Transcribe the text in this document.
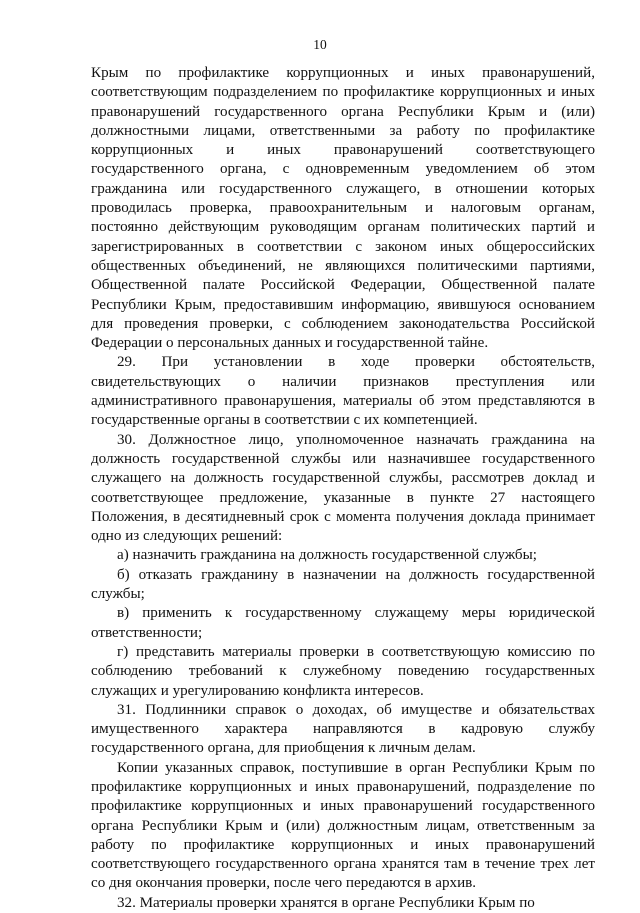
10

Крым по профилактике коррупционных и иных правонарушений, соответствующим подразделением по профилактике коррупционных и иных правонарушений государственного органа Республики Крым и (или) должностными лицами, ответственными за работу по профилактике коррупционных и иных правонарушений соответствующего государственного органа, с одновременным уведомлением об этом гражданина или государственного служащего, в отношении которых проводилась проверка, правоохранительным и налоговым органам, постоянно действующим руководящим органам политических партий и зарегистрированных в соответствии с законом иных общероссийских общественных объединений, не являющихся политическими партиями, Общественной палате Российской Федерации, Общественной палате Республики Крым, предоставившим информацию, явившуюся основанием для проведения проверки, с соблюдением законодательства Российской Федерации о персональных данных и государственной тайне.

29. При установлении в ходе проверки обстоятельств, свидетельствующих о наличии признаков преступления или административного правонарушения, материалы об этом представляются в государственные органы в соответствии с их компетенцией.

30. Должностное лицо, уполномоченное назначать гражданина на должность государственной службы или назначившее государственного служащего на должность государственной службы, рассмотрев доклад и соответствующее предложение, указанные в пункте 27 настоящего Положения, в десятидневный срок с момента получения доклада принимает одно из следующих решений:

а) назначить гражданина на должность государственной службы;

б) отказать гражданину в назначении на должность государственной службы;

в) применить к государственному служащему меры юридической ответственности;

г) представить материалы проверки в соответствующую комиссию по соблюдению требований к служебному поведению государственных служащих и урегулированию конфликта интересов.

31. Подлинники справок о доходах, об имуществе и обязательствах имущественного характера направляются в кадровую службу государственного органа, для приобщения к личным делам.

Копии указанных справок, поступившие в орган Республики Крым по профилактике коррупционных и иных правонарушений, подразделение по профилактике коррупционных и иных правонарушений государственного органа Республики Крым и (или) должностным лицам, ответственным за работу по профилактике коррупционных и иных правонарушений соответствующего государственного органа хранятся там в течение трех лет со дня окончания проверки, после чего передаются в архив.

32. Материалы проверки хранятся в органе Республики Крым по
